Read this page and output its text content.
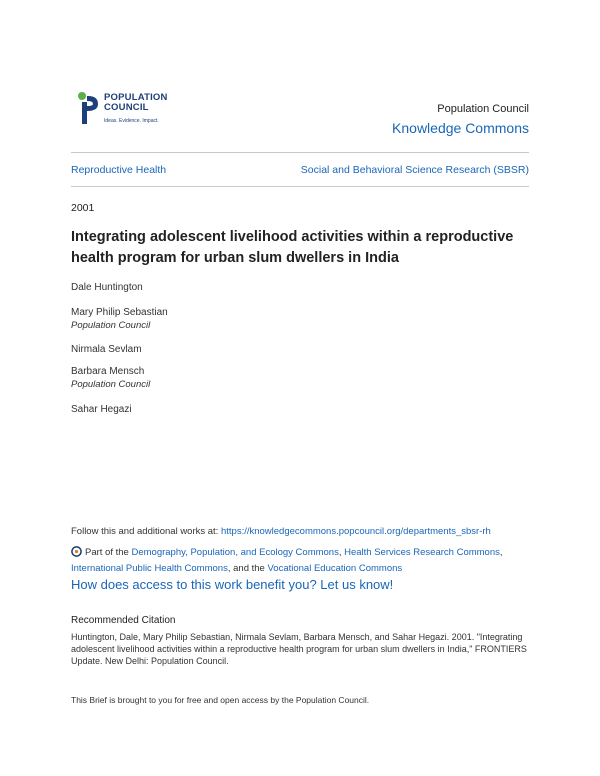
POPULATION
COUNCIL
Ideas. Evidence. Impact.
Population Council
Knowledge Commons
Reproductive Health	Social and Behavioral Science Research (SBSR)
2001
Integrating adolescent livelihood activities within a reproductive health program for urban slum dwellers in India
Dale Huntington
Mary Philip Sebastian
Population Council
Nirmala Sevlam
Barbara Mensch
Population Council
Sahar Hegazi
Follow this and additional works at: https://knowledgecommons.popcouncil.org/departments_sbsr-rh
Part of the Demography, Population, and Ecology Commons, Health Services Research Commons,
International Public Health Commons, and the Vocational Education Commons
How does access to this work benefit you? Let us know!
Recommended Citation
Huntington, Dale, Mary Philip Sebastian, Nirmala Sevlam, Barbara Mensch, and Sahar Hegazi. 2001. "Integrating adolescent livelihood activities within a reproductive health program for urban slum dwellers in India," FRONTIERS Update. New Delhi: Population Council.
This Brief is brought to you for free and open access by the Population Council.
